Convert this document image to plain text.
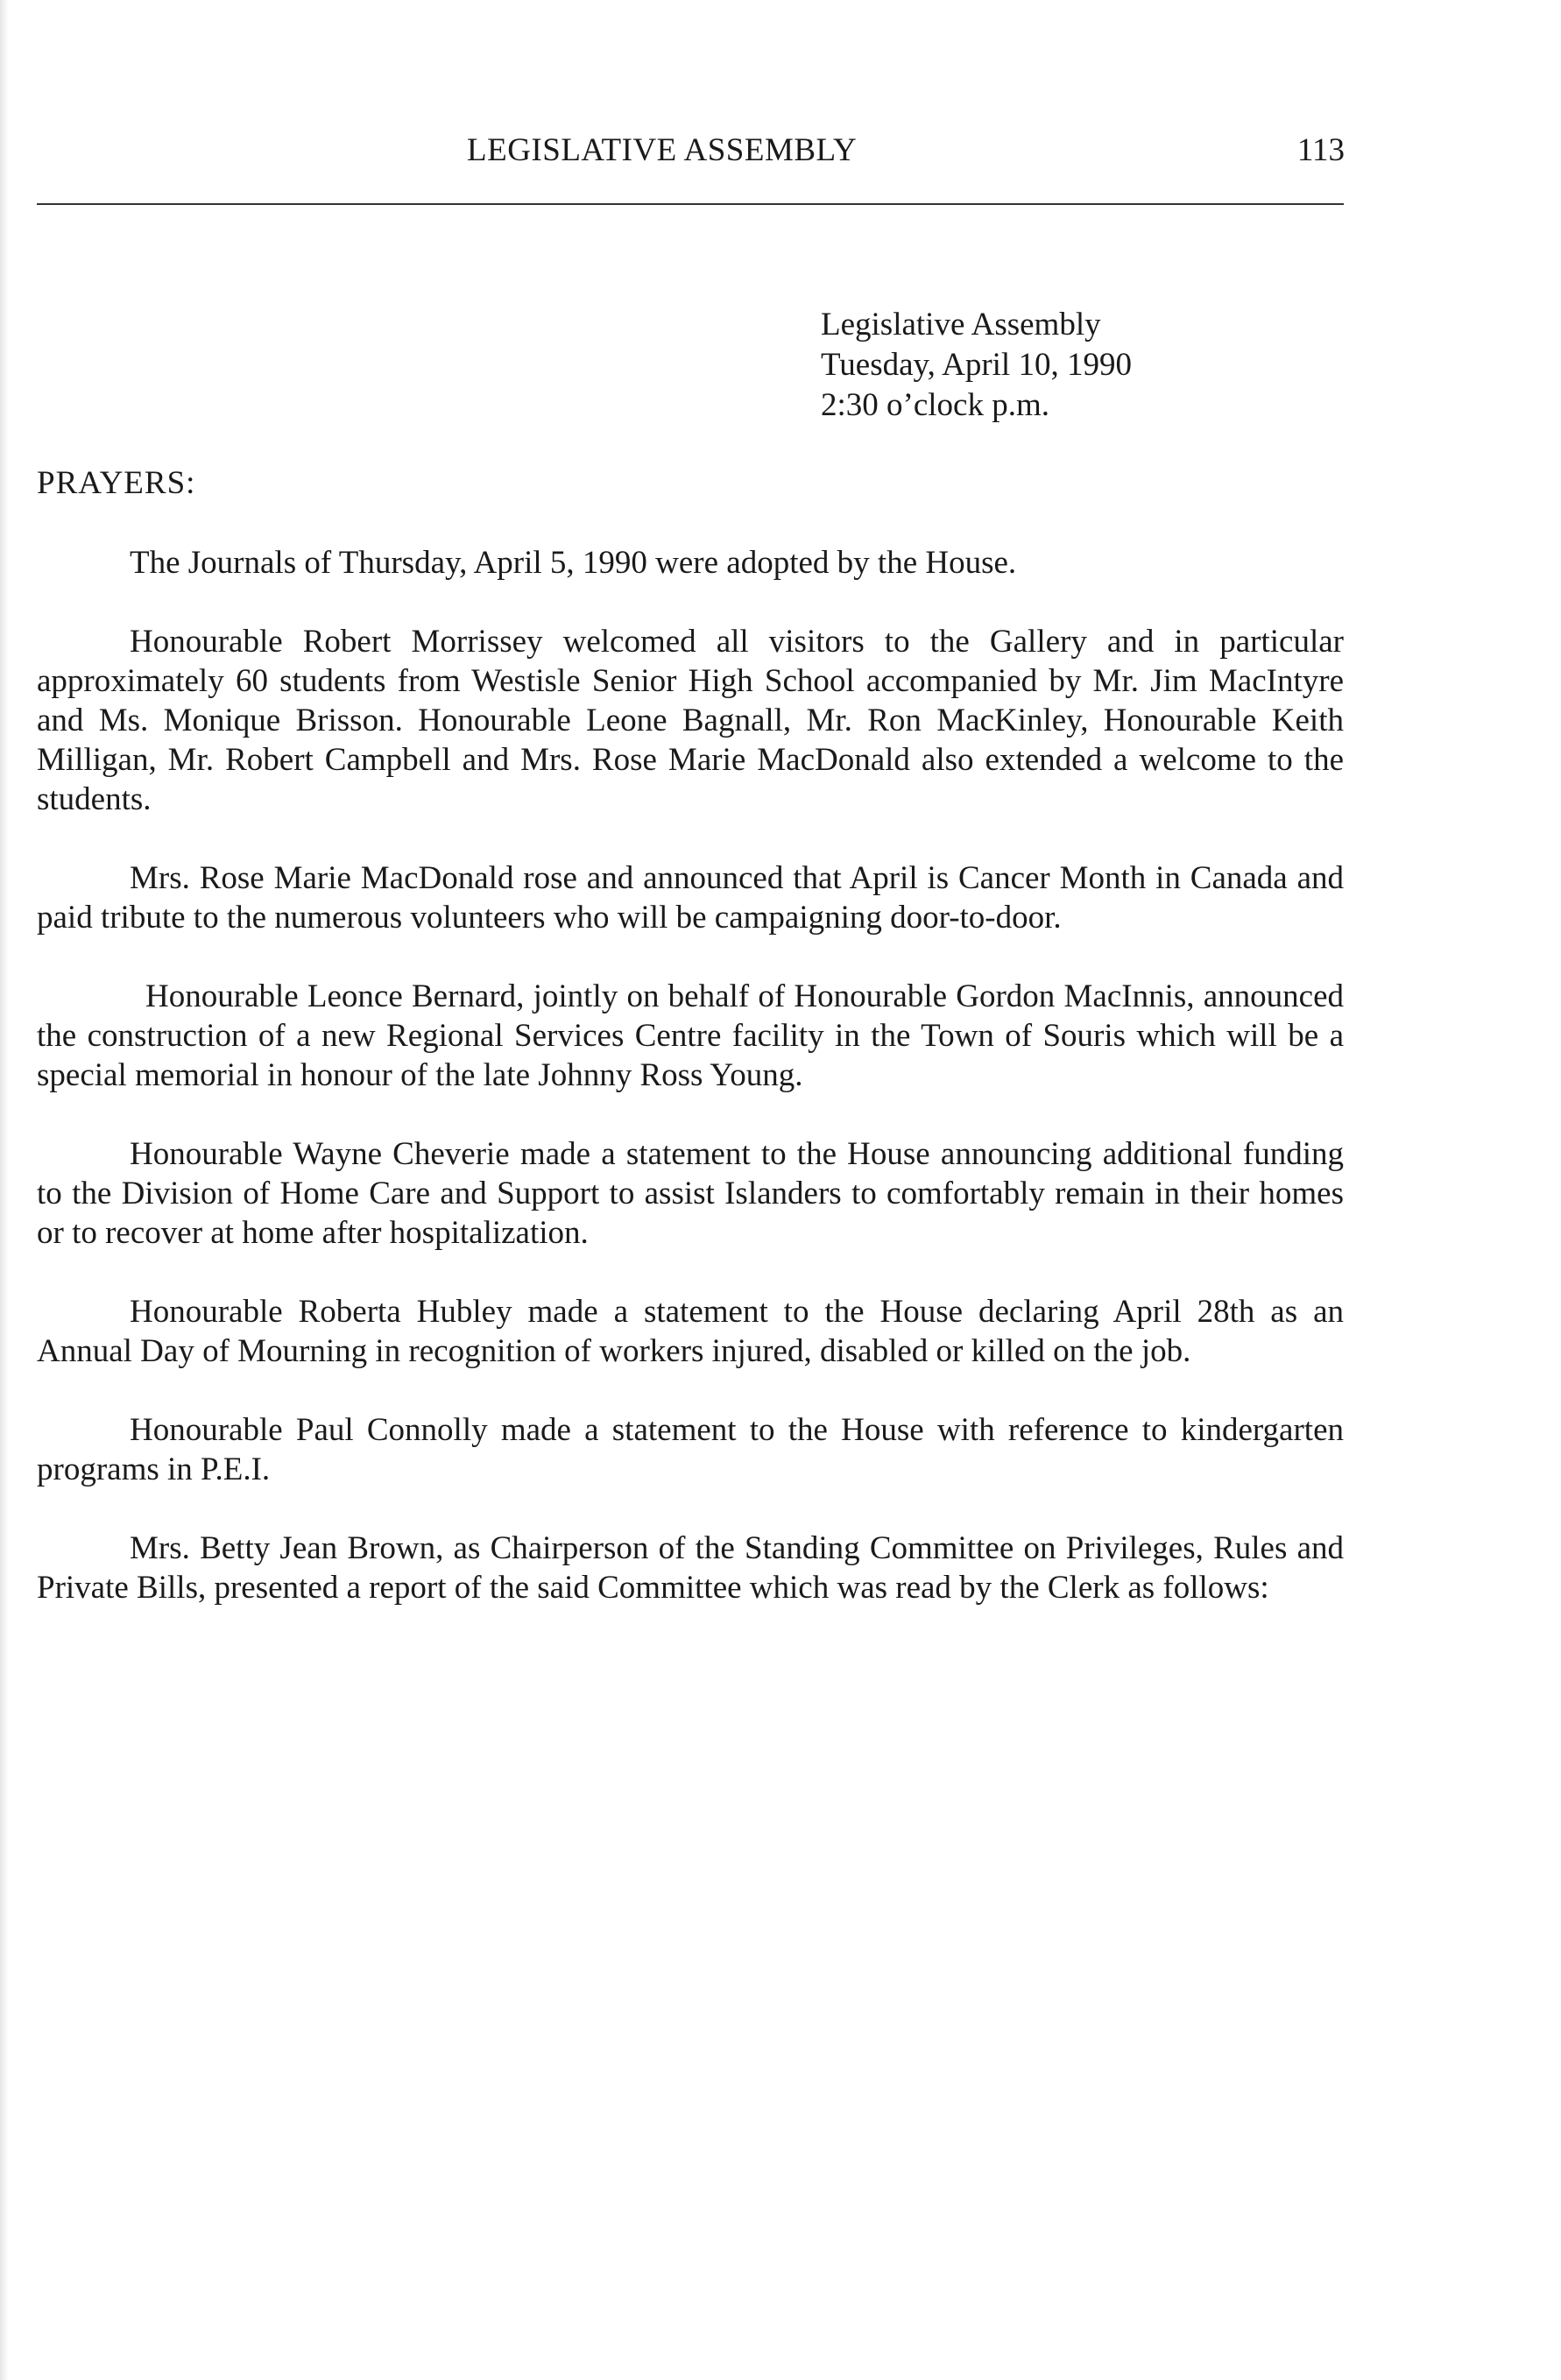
LEGISLATIVE ASSEMBLY	113
Legislative Assembly
Tuesday, April 10, 1990
2:30 o’clock p.m.
PRAYERS:

The Journals of Thursday, April 5, 1990 were adopted by the House.

Honourable Robert Morrissey welcomed all visitors to the Gallery and in particular approximately 60 students from Westisle Senior High School accompanied by Mr. Jim MacIntyre and Ms. Monique Brisson. Honourable Leone Bagnall, Mr. Ron MacKinley, Honourable Keith Milligan, Mr. Robert Campbell and Mrs. Rose Marie MacDonald also extended a welcome to the students.

Mrs. Rose Marie MacDonald rose and announced that April is Cancer Month in Canada and paid tribute to the numerous volunteers who will be campaigning door-to-door.

Honourable Leonce Bernard, jointly on behalf of Honourable Gordon MacInnis, announced the construction of a new Regional Services Centre facility in the Town of Souris which will be a special memorial in honour of the late Johnny Ross Young.

Honourable Wayne Cheverie made a statement to the House announcing additional funding to the Division of Home Care and Support to assist Islanders to comfortably remain in their homes or to recover at home after hospitalization.

Honourable Roberta Hubley made a statement to the House declaring April 28th as an Annual Day of Mourning in recognition of workers injured, disabled or killed on the job.

Honourable Paul Connolly made a statement to the House with reference to kindergarten programs in P.E.I.

Mrs. Betty Jean Brown, as Chairperson of the Standing Committee on Privileges, Rules and Private Bills, presented a report of the said Committee which was read by the Clerk as follows:
